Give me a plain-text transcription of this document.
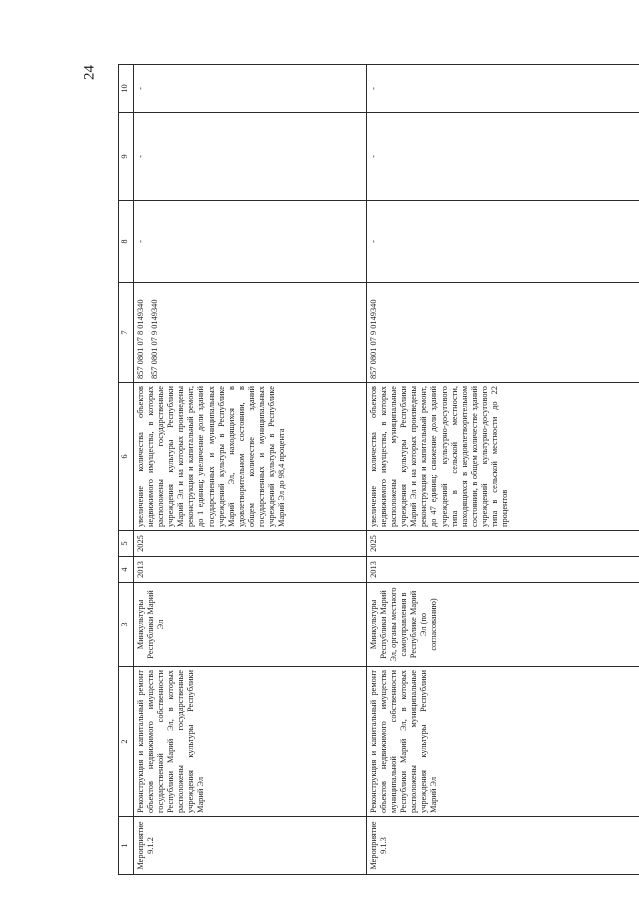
24
1	2	3	4	5	6	7	8	9	10
Мероприятие 9.1.2	Реконструкция и капитальный ремонт объектов недвижимого имущества государственной собственности Республики Марий Эл, в которых расположены государственные учреждения культуры Республики Марий Эл	Минкультуры Республики Марий Эл	2013	2025	увеличение количества объектов недвижимого имущества, в которых расположены государственные учреждения культуры Республики Марий Эл и на которых произведены реконструкция и капитальный ремонт, до 1 единиц; увеличение доли зданий государственных и муниципальных учреждений культуры в Республике Марий Эл, находящихся в удовлетворительном состоянии, в общем количестве зданий государственных и муниципальных учреждений культуры в Республике Марий Эл до 98,4 процента	857 0801 07 8 0149340 857 0801 07 9 0149340	-	-	-
Мероприятие 9.1.3	Реконструкция и капитальный ремонт объектов недвижимого имущества муниципальной собственности Республики Марий Эл, в которых расположены муниципальные учреждения культуры Республики Марий Эл	Минкультуры Республики Марий Эл, органы местного самоуправления в Республике Марий Эл (по согласованию)	2013	2025	увеличение количества объектов недвижимого имущества, в которых расположены муниципальные учреждения культуры Республики Марий Эл и на которых произведены реконструкция и капитальный ремонт, до 47 единиц; снижение доли зданий учреждений культурно-досугового типа в сельской местности, находящихся в неудовлетворительном состоянии, в общем количестве зданий учреждений культурно-досугового типа в сельской местности до 22 процентов	857 0801 07 9 0149340	-	-	-
